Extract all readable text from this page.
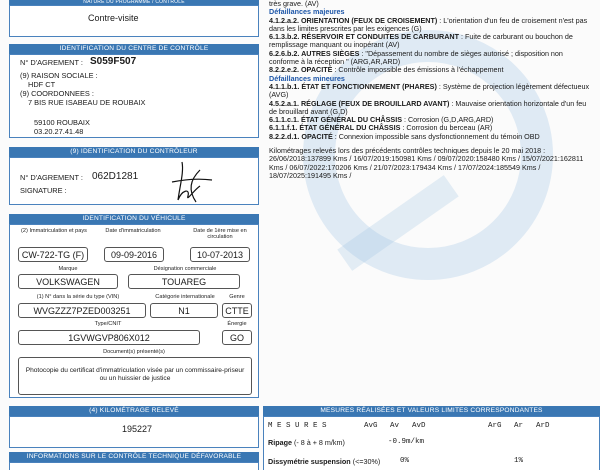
NATURE DU PROGRAMME / CONTRÔLE
Contre-visite
IDENTIFICATION DU CENTRE DE CONTRÔLE
N° D'AGREMENT : S059F507
(9) RAISON SOCIALE :
HDF CT
(9) COORDONNEES :
7 BIS RUE ISABEAU DE ROUBAIX
59100 ROUBAIX
03.20.27.41.48
(9) IDENTIFICATION DU CONTRÔLEUR
N° D'AGREMENT : 062D1281
SIGNATURE :
IDENTIFICATION DU VÉHICULE
(2) Immatriculation et pays	Date d'immatriculation	Date de 1ère mise en circulation
CW-722-TG (F)	09-09-2016	10-07-2013
Marque	Désignation commerciale
VOLKSWAGEN	TOUAREG
(1) N° dans la série du type (VIN)	Catégorie internationale	Genre
WVGZZZ7PZED003251	N1	CTTE
Type/CNIT	Énergie
1GVWGVP806X012	GO
Document(s) présenté(s)
Photocopie du certificat d'immatriculation visée par un commissaire-priseur ou un huissier de justice
(4) KILOMÉTRAGE RELEVÉ
195227
INFORMATIONS SUR LE CONTRÔLE TECHNIQUE DÉFAVORABLE
très grave. (AV)
Défaillances majeures
4.1.2.a.2. ORIENTATION (FEUX DE CROISEMENT) : L'orientation d'un feu de croisement n'est pas dans les limites prescrites par les exigences (G)
6.1.3.b.2. RÉSERVOIR ET CONDUITES DE CARBURANT : Fuite de carburant ou bouchon de remplissage manquant ou inopérant (AV)
6.2.6.b.2. AUTRES SIÈGES : "Dépassement du nombre de sièges autorisé ; disposition non conforme à la réception " (ARG,AR,ARD)
8.2.2.e.2. OPACITÉ : Contrôle impossible des émissions à l'échappement
Défaillances mineures
4.1.1.b.1. ÉTAT ET FONCTIONNEMENT (PHARES) : Système de projection légèrement défectueux (AVG)
4.5.2.a.1. RÉGLAGE (FEUX DE BROUILLARD AVANT) : Mauvaise orientation horizontale d'un feu de brouillard avant (G,D)
6.1.1.c.1. ÉTAT GÉNÉRAL DU CHÂSSIS : Corrosion (G,D,ARG,ARD)
6.1.1.f.1. ÉTAT GÉNÉRAL DU CHÂSSIS : Corrosion du berceau (AR)
8.2.2.d.1. OPACITÉ : Connexion impossible sans dysfonctionnement du témoin OBD
Kilométrages relevés lors des précédents contrôles techniques depuis le 20 mai 2018 :
26/06/2018:137899 Kms / 16/07/2019:150981 Kms / 09/07/2020:158480 Kms / 15/07/2021:162811 Kms / 06/07/2022:170206 Kms / 21/07/2023:179434 Kms / 17/07/2024:185549 Kms / 18/07/2025:191495 Kms /
MESURES RÉALISÉES ET VALEURS LIMITES CORRESPONDANTES
M E S U R E S	AvG Av AvD	ArG Ar ArD
Ripage (- 8 à + 8 m/km)	-0.9m/km
Dissymétrie suspension (<=30%)	0%	1%
